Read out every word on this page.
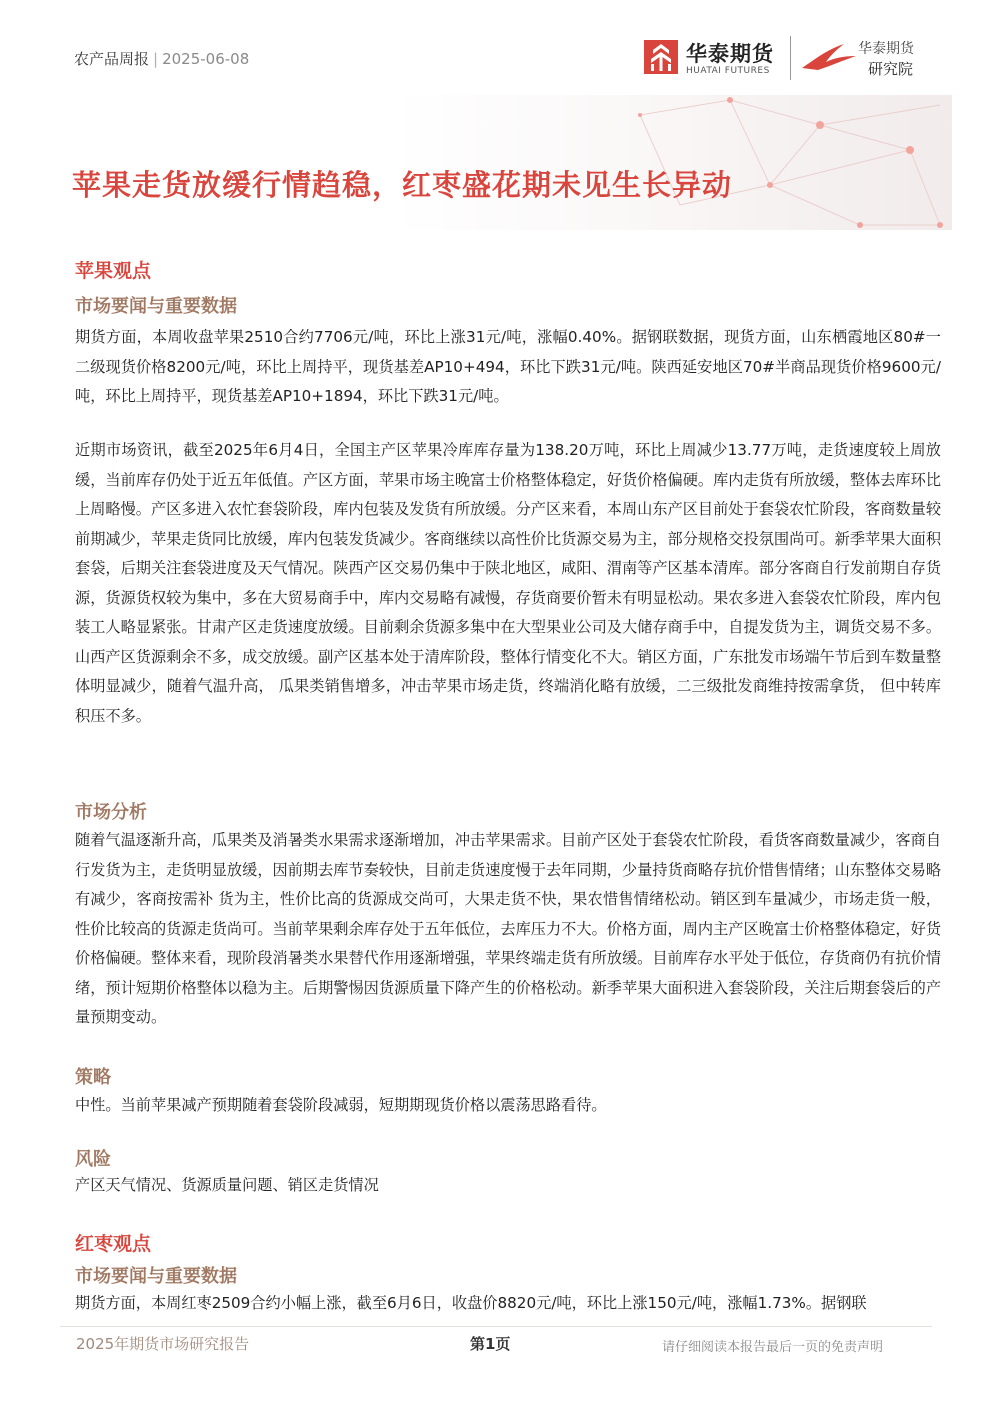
农产品周报 | 2025-06-08	华泰期货
HUATAI FUTURES
华泰期货
研究院
苹果走货放缓行情趋稳，红枣盛花期未见生长异动
苹果观点
市场要闻与重要数据
期货方面，本周收盘苹果2510合约7706元/吨，环比上涨31元/吨，涨幅0.40%。据钢联数据，现货方面，山东栖霞地区80#一二级现货价格8200元/吨，环比上周持平，现货基差AP10+494，环比下跌31元/吨。陕西延安地区70#半商品现货价格9600元/吨，环比上周持平，现货基差AP10+1894，环比下跌31元/吨。
近期市场资讯，截至2025年6月4日，全国主产区苹果冷库库存量为138.20万吨，环比上周减少13.77万吨，走货速度较上周放缓，当前库存仍处于近五年低值。产区方面，苹果市场主晚富士价格整体稳定，好货价格偏硬。库内走货有所放缓，整体去库环比上周略慢。产区多进入农忙套袋阶段，库内包装及发货有所放缓。分产区来看，本周山东产区目前处于套袋农忙阶段，客商数量较前期减少，苹果走货同比放缓，库内包装发货减少。客商继续以高性价比货源交易为主，部分规格交投氛围尚可。新季苹果大面积套袋，后期关注套袋进度及天气情况。陕西产区交易仍集中于陕北地区，咸阳、渭南等产区基本清库。部分客商自行发前期自存货源，货源货权较为集中，多在大贸易商手中，库内交易略有减慢，存货商要价暂未有明显松动。果农多进入套袋农忙阶段，库内包装工人略显紧张。甘肃产区走货速度放缓。目前剩余货源多集中在大型果业公司及大储存商手中，自提发货为主，调货交易不多。山西产区货源剩余不多，成交放缓。副产区基本处于清库阶段，整体行情变化不大。销区方面，广东批发市场端午节后到车数量整体明显减少，随着气温升高， 瓜果类销售增多，冲击苹果市场走货，终端消化略有放缓，二三级批发商维持按需拿货， 但中转库积压不多。
市场分析
随着气温逐渐升高，瓜果类及消暑类水果需求逐渐增加，冲击苹果需求。目前产区处于套袋农忙阶段，看货客商数量减少，客商自行发货为主，走货明显放缓，因前期去库节奏较快，目前走货速度慢于去年同期，少量持货商略存抗价惜售情绪；山东整体交易略有减少，客商按需补 货为主，性价比高的货源成交尚可，大果走货不快，果农惜售情绪松动。销区到车量减少，市场走货一般，性价比较高的货源走货尚可。当前苹果剩余库存处于五年低位，去库压力不大。价格方面，周内主产区晚富士价格整体稳定，好货价格偏硬。整体来看，现阶段消暑类水果替代作用逐渐增强，苹果终端走货有所放缓。目前库存水平处于低位，存货商仍有抗价情绪，预计短期价格整体以稳为主。后期警惕因货源质量下降产生的价格松动。新季苹果大面积进入套袋阶段，关注后期套袋后的产量预期变动。
策略
中性。当前苹果减产预期随着套袋阶段减弱，短期期现货价格以震荡思路看待。
风险
产区天气情况、货源质量问题、销区走货情况
红枣观点
市场要闻与重要数据
期货方面，本周红枣2509合约小幅上涨，截至6月6日，收盘价8820元/吨，环比上涨150元/吨，涨幅1.73%。据钢联
2025年期货市场研究报告	第1页	请仔细阅读本报告最后一页的免责声明
